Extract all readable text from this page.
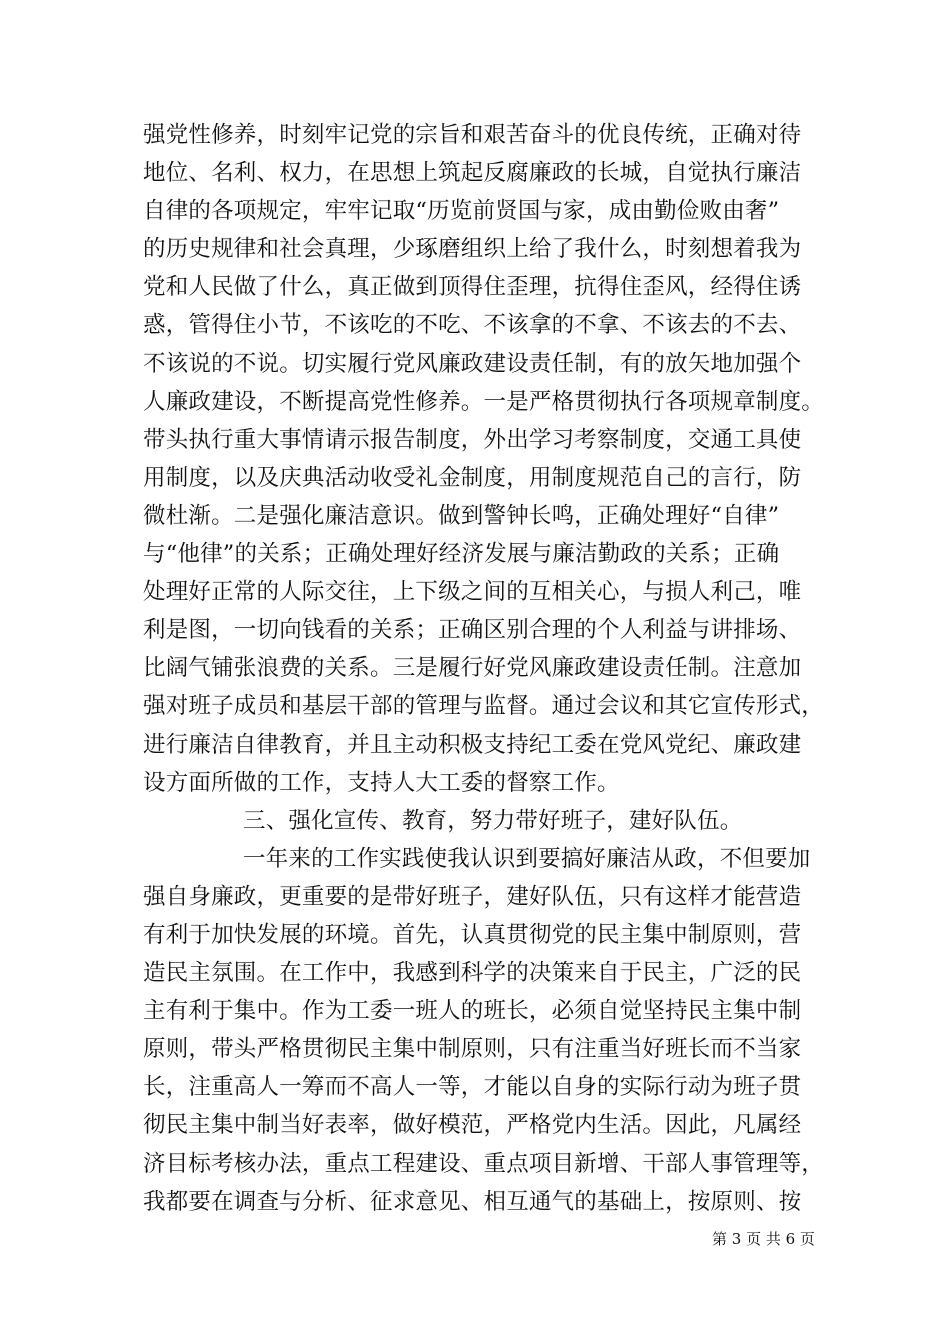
强党性修养，时刻牢记党的宗旨和艰苦奋斗的优良传统，正确对待
地位、名利、权力，在思想上筑起反腐廉政的长城，自觉执行廉洁
自律的各项规定，牢牢记取“历览前贤国与家，成由勤俭败由奢”
的历史规律和社会真理，少琢磨组织上给了我什么，时刻想着我为
党和人民做了什么，真正做到顶得住歪理，抗得住歪风，经得住诱
惑，管得住小节，不该吃的不吃、不该拿的不拿、不该去的不去、
不该说的不说。切实履行党风廉政建设责任制，有的放矢地加强个
人廉政建设，不断提高党性修养。一是严格贯彻执行各项规章制度。
带头执行重大事情请示报告制度，外出学习考察制度，交通工具使
用制度，以及庆典活动收受礼金制度，用制度规范自己的言行，防
微杜渐。二是强化廉洁意识。做到警钟长鸣，正确处理好“自律”
与“他律”的关系；正确处理好经济发展与廉洁勤政的关系；正确
处理好正常的人际交往，上下级之间的互相关心，与损人利己，唯
利是图，一切向钱看的关系；正确区别合理的个人利益与讲排场、
比阔气铺张浪费的关系。三是履行好党风廉政建设责任制。注意加
强对班子成员和基层干部的管理与监督。通过会议和其它宣传形式，
进行廉洁自律教育，并且主动积极支持纪工委在党风党纪、廉政建
设方面所做的工作，支持人大工委的督察工作。
三、强化宣传、教育，努力带好班子，建好队伍。
一年来的工作实践使我认识到要搞好廉洁从政，不但要加
强自身廉政，更重要的是带好班子，建好队伍，只有这样才能营造
有利于加快发展的环境。首先，认真贯彻党的民主集中制原则，营
造民主氛围。在工作中，我感到科学的决策来自于民主，广泛的民
主有利于集中。作为工委一班人的班长，必须自觉坚持民主集中制
原则，带头严格贯彻民主集中制原则，只有注重当好班长而不当家
长，注重高人一筹而不高人一等，才能以自身的实际行动为班子贯
彻民主集中制当好表率，做好模范，严格党内生活。因此，凡属经
济目标考核办法，重点工程建设、重点项目新增、干部人事管理等，
我都要在调查与分析、征求意见、相互通气的基础上，按原则、按
第 3 页 共 6 页
